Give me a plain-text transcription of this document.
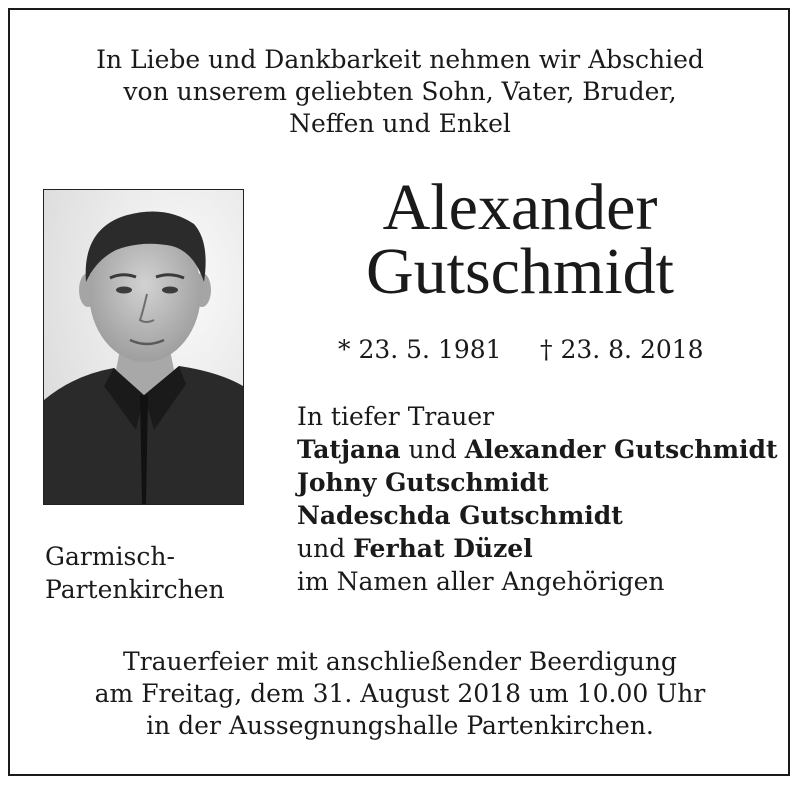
In Liebe und Dankbarkeit nehmen wir Abschied
von unserem geliebten Sohn, Vater, Bruder,
Neffen und Enkel
Alexander
Gutschmidt
* 23. 5. 1981 † 23. 8. 2018
In tiefer Trauer
Tatjana und Alexander Gutschmidt
Johny Gutschmidt
Nadeschda Gutschmidt
und Ferhat Düzel
im Namen aller Angehörigen
Garmisch-
Partenkirchen
Trauerfeier mit anschließender Beerdigung
am Freitag, dem 31. August 2018 um 10.00 Uhr
in der Aussegnungshalle Partenkirchen.
